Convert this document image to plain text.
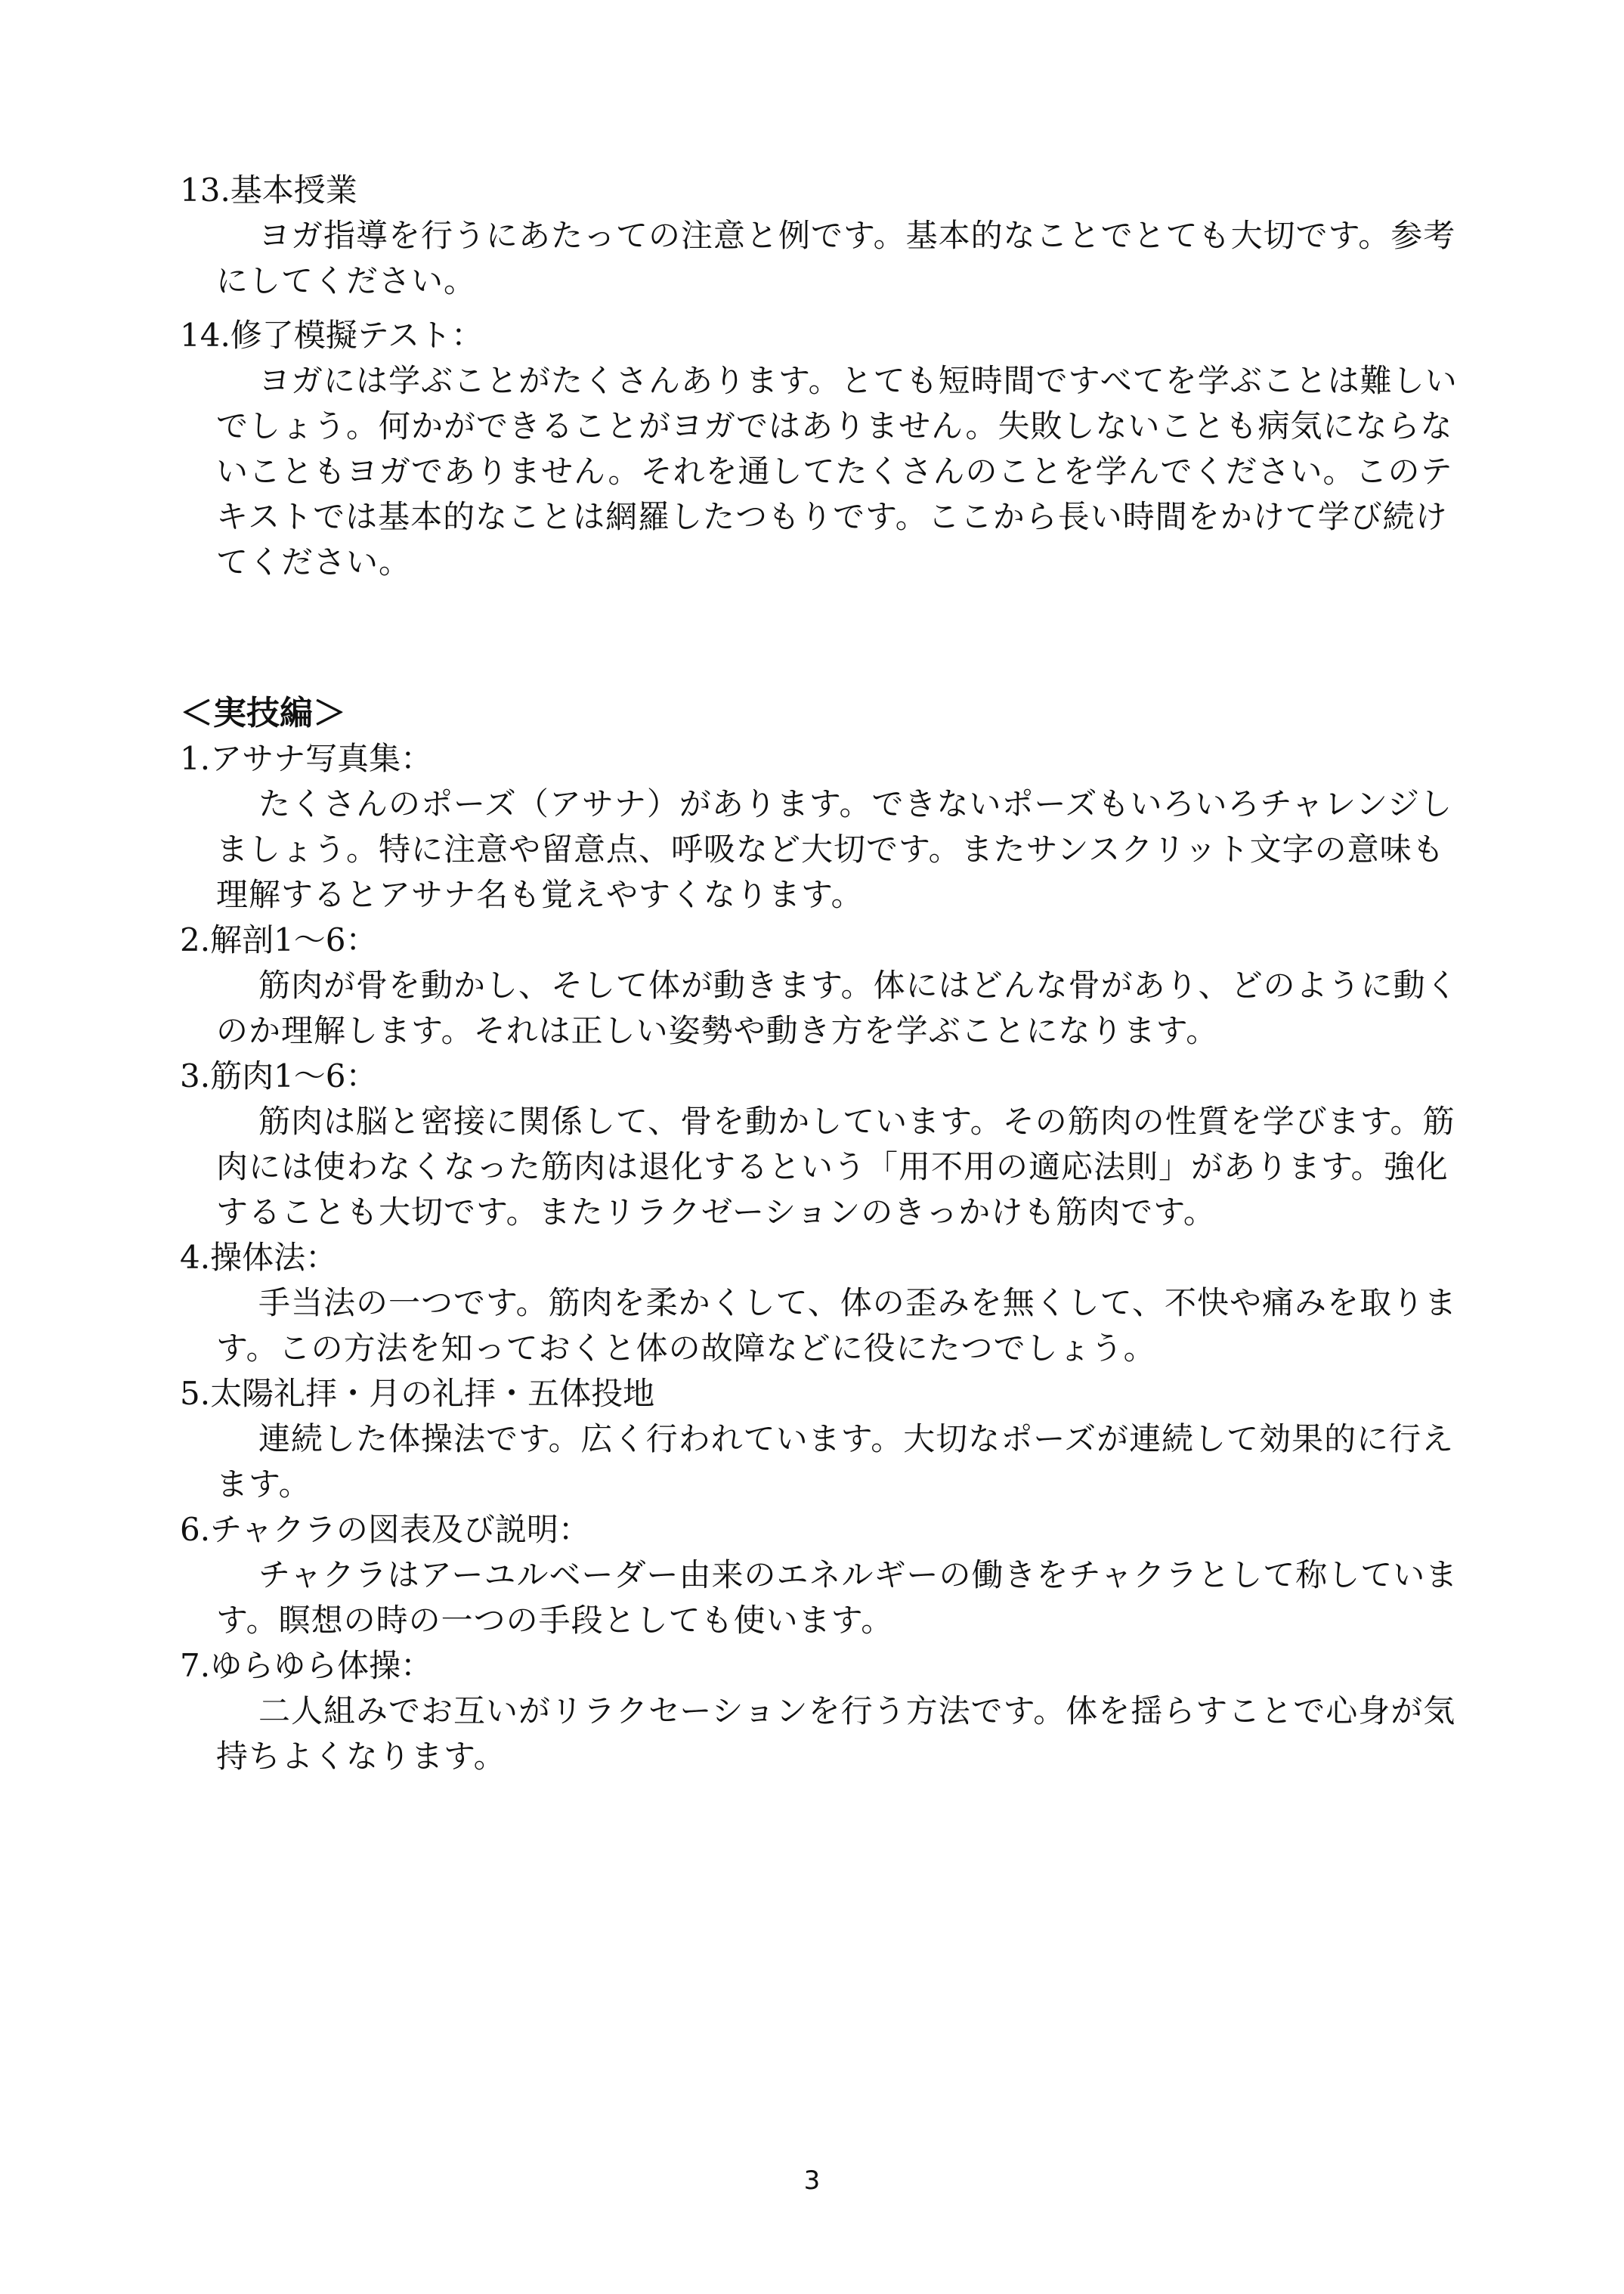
13.基本授業

ヨガ指導を行うにあたっての注意と例です。基本的なことでとても大切です。参考にしてください。

14.修了模擬テスト：

ヨガには学ぶことがたくさんあります。とても短時間ですべてを学ぶことは難しいでしょう。何かができることがヨガではありません。失敗しないことも病気にならないこともヨガでありません。それを通してたくさんのことを学んでください。このテキストでは基本的なことは網羅したつもりです。ここから長い時間をかけて学び続けてください。

＜実技編＞

1.アサナ写真集：

たくさんのポーズ（アサナ）があります。できないポーズもいろいろチャレンジしましょう。特に注意や留意点、呼吸など大切です。またサンスクリット文字の意味も理解するとアサナ名も覚えやすくなります。

2.解剖1〜6：

筋肉が骨を動かし、そして体が動きます。体にはどんな骨があり、どのように動くのか理解します。それは正しい姿勢や動き方を学ぶことになります。

3.筋肉1〜6：

筋肉は脳と密接に関係して、骨を動かしています。その筋肉の性質を学びます。筋肉には使わなくなった筋肉は退化するという「用不用の適応法則」があります。強化することも大切です。またリラクゼーションのきっかけも筋肉です。

4.操体法：

手当法の一つです。筋肉を柔かくして、体の歪みを無くして、不快や痛みを取ります。この方法を知っておくと体の故障などに役にたつでしょう。

5.太陽礼拝・月の礼拝・五体投地

連続した体操法です。広く行われています。大切なポーズが連続して効果的に行えます。

6.チャクラの図表及び説明：

チャクラはアーユルベーダー由来のエネルギーの働きをチャクラとして称しています。瞑想の時の一つの手段としても使います。

7.ゆらゆら体操：

二人組みでお互いがリラクセーションを行う方法です。体を揺らすことで心身が気持ちよくなります。

3
